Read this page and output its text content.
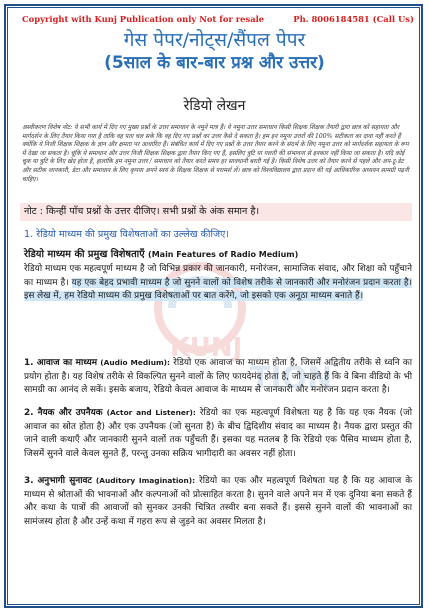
Copyright with Kunj Publication only Not for resale	Ph. 8006184581 (Call Us)
गेस पेपर/नोट्स/सैंपल पेपर
(5साल के बार-बार प्रश्न और उत्तर)
रेडियो लेखन
अस्वीकरण विशेष नोट: ये सभी कार्य में दिए गए मुख्य प्रश्नों के उत्तर समाधान के नमूने मात्र हैं। ये नमूना उत्तर समाधान किसी शिक्षक शिक्षक तैयारी द्वारा छात्र को सहायता और मार्गदर्शन के लिए तैयार किया गया है ताकि वह पता चल सके कि वह दिए गए प्रश्नों का उत्तर कैसे दे सकता है। हम इन नमूना उत्तरों की 100% सटीकता का दावा नहीं करते हैं क्योंकि ये निजी शिक्षक शिक्षक के ज्ञान और क्षमता पर आधारित हैं। संबंधित कार्य में दिए गए प्रश्नों के उत्तर तैयार करने के संदर्भ के लिए नमूना उत्तर को मार्गदर्शक सहायता के रूप में देखा जा सकता है। चूंकि ये समाधान और उत्तर निजी शिक्षक शिक्षक द्वारा तैयार किए गए हैं, इसलिए त्रुटि या गलती की संभावना से इनकार नहीं किया जा सकता है। यदि कोई चूक या त्रुटि के लिए खेद होता है, हालांकि हम नमूना उत्तर / समाधान को तैयार करते समय हर सावधानी बरती गई है। किसी विशेष उत्तर को तैयार करने से पहले और अप-टू-डेट और सटीक जानकारी, डेटा और समाधान के लिए कृपया अपने स्वयं के शिक्षक शिक्षक से परामर्श लें। छात्र को विश्वविद्यालय द्वारा प्रदान की गई आधिकारिक अध्ययन सामग्री पढ़नी चाहिए।
नोट : किन्हीं पाँच प्रश्नों के उत्तर दीजिए। सभी प्रश्नों के अंक समान है।
1. रेडियो माध्यम की प्रमुख विशेषताओं का उल्लेख कीजिए।
रेडियो माध्यम की प्रमुख विशेषताएँ (Main Features of Radio Medium)
KUNJ
TION
रेडियो माध्यम एक महत्वपूर्ण माध्यम है जो विभिन्न प्रकार की जानकारी, मनोरंजन, सामाजिक संवाद, और शिक्षा को पहुँचाने का माध्यम है। यह एक बेहद प्रभावी माध्यम है जो सुनने वालों को विशेष तरीके से जानकारी और मनोरंजन प्रदान करता है। इस लेख में, हम रेडियो माध्यम की प्रमुख विशेषताओं पर बात करेंगे, जो इसको एक अनूठा माध्यम बनाते हैं।
1. आवाज का माध्यम (Audio Medium): रेडियो एक आवाज का माध्यम होता है, जिसमें अद्वितीय तरीके से ध्वनि का प्रयोग होता है। यह विशेष तरीके से विकल्पित सुनने वालों के लिए फायदेमंद होता है, जो चाहते हैं कि वे बिना वीडियो के भी सामग्री का आनंद ले सकें। इसके बजाय, रेडियो केवल आवाज के माध्यम से जानकारी और मनोरंजन प्रदान करता है।
2. नैयक और उपनैयक (Actor and Listener): रेडियो का एक महत्वपूर्ण विशेषता यह है कि यह एक नैयक (जो आवाज का स्रोत होता है) और एक उपनैयक (जो सुनता है) के बीच द्विदिशीय संवाद का माध्यम है। नैयक द्वारा प्रस्तुत की जाने वाली कथाएँ और जानकारी सुनने वालों तक पहुँचती हैं। इसका यह मतलब है कि रेडियो एक पैसिव माध्यम होता है, जिसमें सुनने वाले केवल सुनते हैं, परन्तु उनका सक्रिय भागीदारी का अवसर नहीं होता।
3. अनुभागी सुनावट (Auditory Imagination): रेडियो का एक और महत्वपूर्ण विशेषता यह है कि यह आवाज के माध्यम से श्रोताओं की भावनाओं और कल्पनाओं को प्रोत्साहित करता है। सुनने वाले अपने मन में एक दुनिया बना सकते हैं और कथा के पात्रों की आवाजों को सुनकर उनकी चित्रित तस्वीर बना सकते हैं। इससे सुनने वालों की भावनाओं का सामंजस्य होता है और उन्हें कथा में गहरा रूप से जुड़ने का अवसर मिलता है।
